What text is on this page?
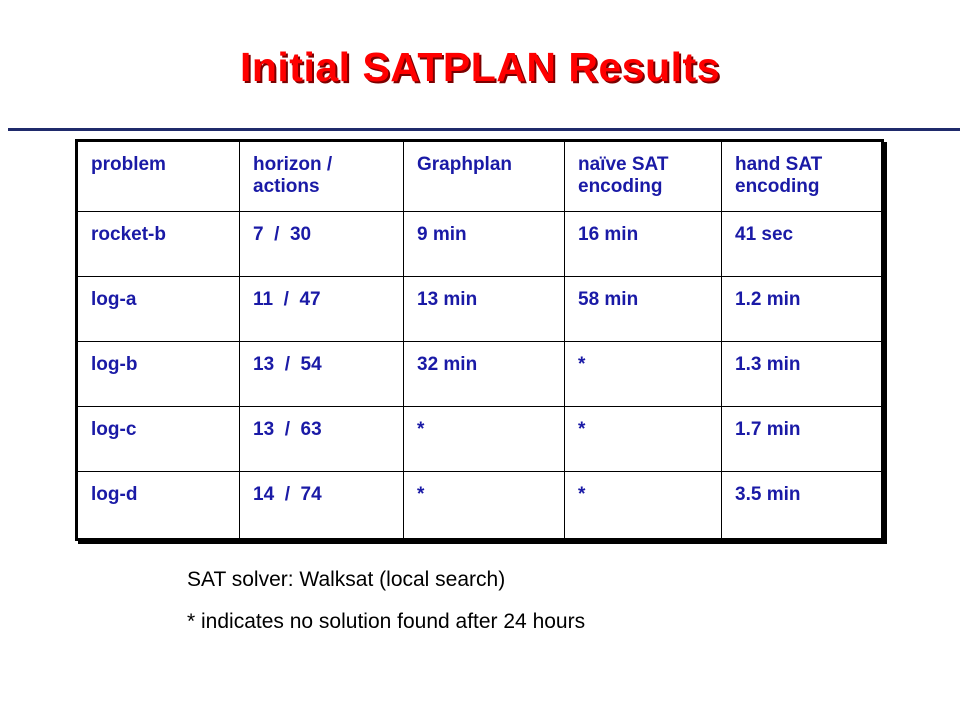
Initial SATPLAN Results
problem	horizon / actions	Graphplan	naïve SAT encoding	hand SAT encoding
rocket-b	7  /  30	9 min	16 min	41 sec
log-a	11  /  47	13 min	58 min	1.2 min
log-b	13  /  54	32 min	*	1.3 min
log-c	13  /  63	*	*	1.7 min
log-d	14  /  74	*	*	3.5 min
SAT solver: Walksat (local search)
* indicates no solution found after 24 hours
